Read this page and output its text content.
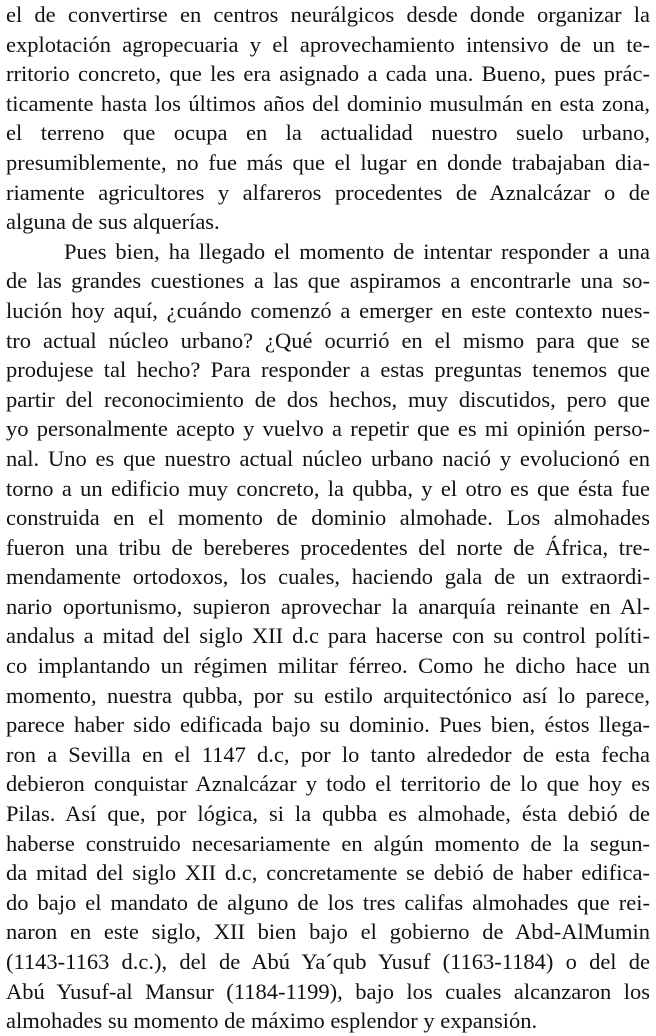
el de convertirse en centros neurálgicos desde donde organizar la
explotación agropecuaria y el aprovechamiento intensivo de un te-
rritorio concreto, que les era asignado a cada una. Bueno, pues prác-
ticamente hasta los últimos años del dominio musulmán en esta zona,
el terreno que ocupa en la actualidad nuestro suelo urbano,
presumiblemente, no fue más que el lugar en donde trabajaban dia-
riamente agricultores y alfareros procedentes de Aznalcázar o de
alguna de sus alquerías.
Pues bien, ha llegado el momento de intentar responder a una
de las grandes cuestiones a las que aspiramos a encontrarle una so-
lución hoy aquí, ¿cuándo comenzó a emerger en este contexto nues-
tro actual núcleo urbano? ¿Qué ocurrió en el mismo para que se
produjese tal hecho? Para responder a estas preguntas tenemos que
partir del reconocimiento de dos hechos, muy discutidos, pero que
yo personalmente acepto y vuelvo a repetir que es mi opinión perso-
nal. Uno es que nuestro actual núcleo urbano nació y evolucionó en
torno a un edificio muy concreto, la qubba, y el otro es que ésta fue
construida en el momento de dominio almohade. Los almohades
fueron una tribu de bereberes procedentes del norte de África, tre-
mendamente ortodoxos, los cuales, haciendo gala de un extraordi-
nario oportunismo, supieron aprovechar la anarquía reinante en Al-
andalus a mitad del siglo XII d.c para hacerse con su control políti-
co implantando un régimen militar férreo. Como he dicho hace un
momento, nuestra qubba, por su estilo arquitectónico así lo parece,
parece haber sido edificada bajo su dominio. Pues bien, éstos llega-
ron a Sevilla en el 1147 d.c, por lo tanto alrededor de esta fecha
debieron conquistar Aznalcázar y todo el territorio de lo que hoy es
Pilas. Así que, por lógica, si la qubba es almohade, ésta debió de
haberse construido necesariamente en algún momento de la segun-
da mitad del siglo XII d.c, concretamente se debió de haber edifica-
do bajo el mandato de alguno de los tres califas almohades que rei-
naron en este siglo, XII bien bajo el gobierno de Abd-AlMumin
(1143-1163 d.c.), del de Abú Ya´qub Yusuf (1163-1184) o del de
Abú Yusuf-al Mansur (1184-1199), bajo los cuales alcanzaron los
almohades su momento de máximo esplendor y expansión.
